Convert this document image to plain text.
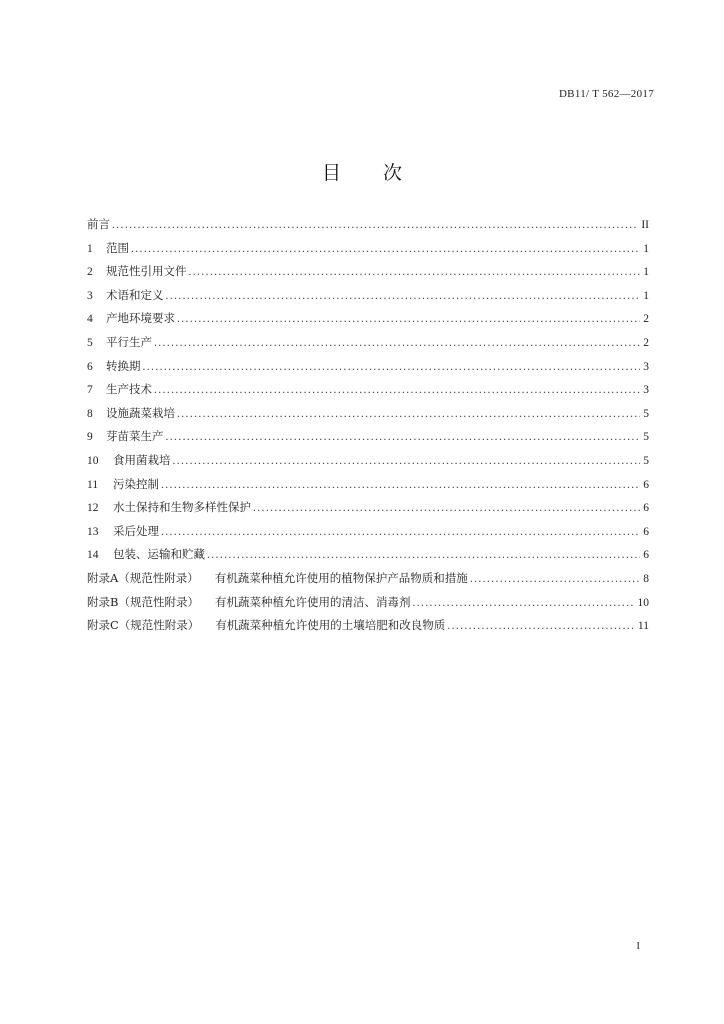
DB11/ T 562—2017
目 次
前言 .....	II
1 范围 .....	1
2 规范性引用文件 .....	1
3 术语和定义 .....	1
4 产地环境要求 .....	2
5 平行生产 .....	2
6 转换期 .....	3
7 生产技术 .....	3
8 设施蔬菜栽培 .....	5
9 芽苗菜生产 .....	5
10 食用菌栽培 .....	5
11 污染控制 .....	6
12 水土保持和生物多样性保护 .....	6
13 采后处理 .....	6
14 包装、运输和贮藏 .....	6
附录A（规范性附录） 有机蔬菜种植允许使用的植物保护产品物质和措施 .....	8
附录B（规范性附录） 有机蔬菜种植允许使用的清洁、消毒剂 .....	10
附录C（规范性附录） 有机蔬菜种植允许使用的土壤培肥和改良物质 .....	11
I
